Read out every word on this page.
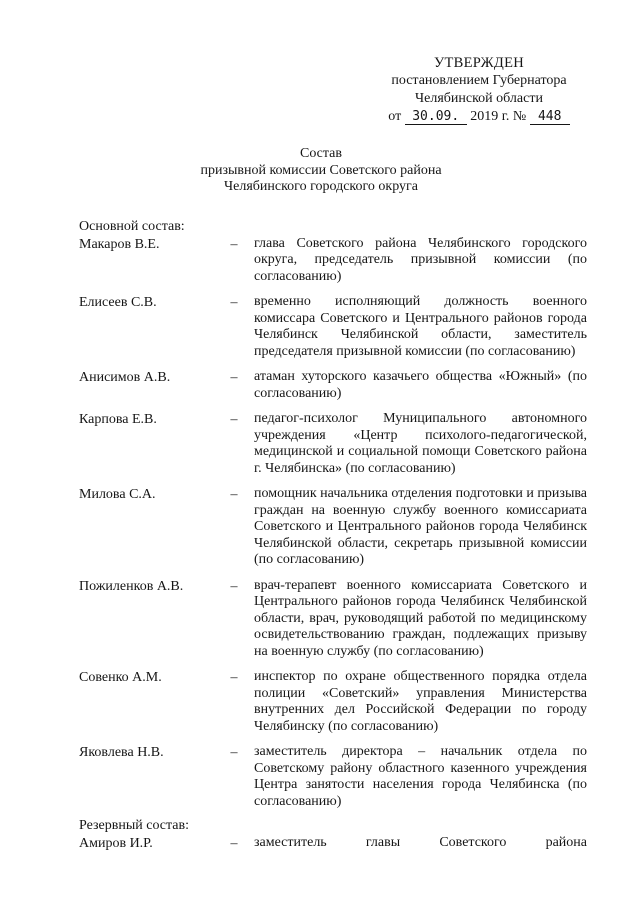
УТВЕРЖДЕН
постановлением Губернатора
Челябинской области
от 30.09. 2019 г. № 448
Состав
призывной комиссии Советского района
Челябинского городского округа
Основной состав:
Макаров В.Е.	– глава Советского района Челябинского городского округа, председатель призывной комиссии (по согласованию)
Елисеев С.В.	– временно исполняющий должность военного комиссара Советского и Центрального районов города Челябинск Челябинской области, заместитель председателя призывной комиссии (по согласованию)
Анисимов А.В.	– атаман хуторского казачьего общества «Южный» (по согласованию)
Карпова Е.В.	– педагог-психолог Муниципального автономного учреждения «Центр психолого-педагогической, медицинской и социальной помощи Советского района г. Челябинска» (по согласованию)
Милова С.А.	– помощник начальника отделения подготовки и призыва граждан на военную службу военного комиссариата Советского и Центрального районов города Челябинск Челябинской области, секретарь призывной комиссии (по согласованию)
Пожиленков А.В.	– врач-терапевт военного комиссариата Советского и Центрального районов города Челябинск Челябинской области, врач, руководящий работой по медицинскому освидетельствованию граждан, подлежащих призыву на военную службу (по согласованию)
Совенко А.М.	– инспектор по охране общественного порядка отдела полиции «Советский» управления Министерства внутренних дел Российской Федерации по городу Челябинску (по согласованию)
Яковлева Н.В.	– заместитель директора – начальник отдела по Советскому району областного казенного учреждения Центра занятости населения города Челябинска (по согласованию)
Резервный состав:
Амиров И.Р.	– заместитель главы Советского района
